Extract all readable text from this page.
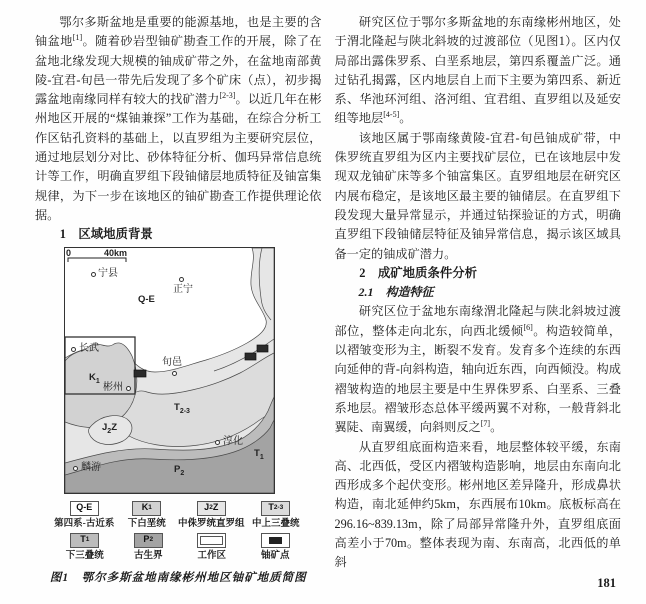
鄂尔多斯盆地是重要的能源基地，也是主要的含铀盆地[1]。随着砂岩型铀矿勘查工作的开展，除了在盆地北缘发现大规模的铀成矿带之外，在盆地南部黄陵-宜君-旬邑一带先后发现了多个矿床（点），初步揭露盆地南缘同样有较大的找矿潜力[2-3]。以近几年在彬州地区开展的“煤铀兼探”工作为基础，在综合分析工作区钻孔资料的基础上，以直罗组为主要研究层位，通过地层划分对比、砂体特征分析、伽玛异常信息统计等工作，明确直罗组下段铀储层地质特征及铀富集规律，为下一步在该地区的铀矿勘查工作提供理论依据。

1　区域地质背景
0	40km
Q-E
$K_1$
$J_2Z$
$T_{2-3}$
$T_1$
$P_2$
宁县
正宁
长武
旬邑
彬州
淳化
麟游
Q-E
第四系-古近系
K 1
下白垩统
J 2 Z
中侏罗统直罗组
T 2-3
中上三叠统
T 1
下三叠统
P 2
古生界	工作区	铀矿点
图1　鄂尔多斯盆地南缘彬州地区铀矿地质简图

研究区位于鄂尔多斯盆地的东南缘彬州地区，处于渭北隆起与陕北斜坡的过渡部位（见图1）。区内仅局部出露侏罗系、白垩系地层，第四系覆盖广泛。通过钻孔揭露，区内地层自上而下主要为第四系、新近系、华池环河组、洛河组、宜君组、直罗组以及延安组等地层[4-5]。

该地区属于鄂南缘黄陵-宜君-旬邑铀成矿带，中侏罗统直罗组为区内主要找矿层位，已在该地层中发现双龙铀矿床等多个铀富集区。直罗组地层在研究区内展布稳定，是该地区最主要的铀储层。在直罗组下段发现大量异常显示，并通过钻探验证的方式，明确直罗组下段铀储层特征及铀异常信息，揭示该区域具备一定的铀成矿潜力。

2　成矿地质条件分析
2.1　构造特征

研究区位于盆地东南缘渭北隆起与陕北斜坡过渡部位，整体走向北东，向西北缓倾[6]。构造较简单，以褶皱变形为主，断裂不发育。发育多个连续的东西向延伸的背-向斜构造，轴向近东西，向西倾没。构成褶皱构造的地层主要是中生界侏罗系、白垩系、三叠系地层。褶皱形态总体平缓两翼不对称，一般背斜北翼陡、南翼缓，向斜则反之[7]。

从直罗组底面构造来看，地层整体较平缓，东南高、北西低，受区内褶皱构造影响，地层由东南向北西形成多个起伏变形。彬州地区差异隆升，形成鼻状构造，南北延伸约5km，东西展布10km。底板标高在296.16~839.13m，除了局部异常隆升外，直罗组底面高差小于70m。整体表现为南、东南高，北西低的单斜

181
